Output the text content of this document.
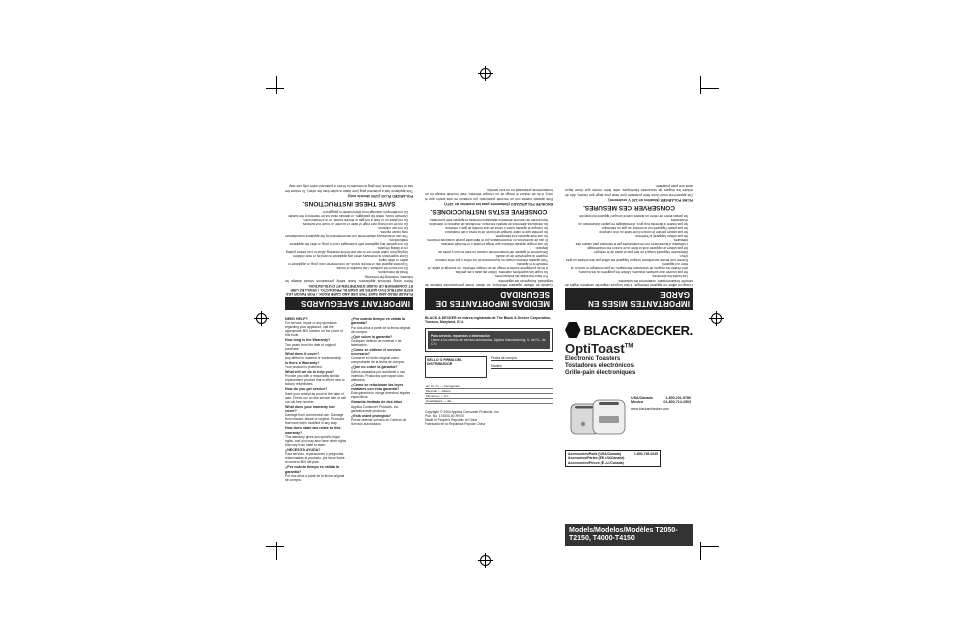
IMPORTANTES MISES EN GARDE
Lorsqu'on utilise un appareil électrique, il faut toujours respecter certaines règles de sécurité fondamentales, notamment les suivantes.
• Lire toutes les directives.
• Ne pas toucher aux surfaces chaudes. Utiliser les poignées ou les boutons.
• Afin d'éviter les risques de secousses électriques, ne pas immerger le cordon, la fiche ou l'appareil.
• Exercer une étroite surveillance lorsque l'appareil est utilisé par des enfants ou près d'eux.
• Débrancher l'appareil lorsqu'il ne sert pas et avant de le nettoyer.
• Ne pas utiliser un appareil dont la fiche ou le cordon est endommagé.
• L'utilisation d'accessoires non recommandés par le fabricant peut causer des blessures.
• Ne pas utiliser l'appareil à l'extérieur.
• Ne pas laisser pendre le cordon d'une table ou d'un comptoir.
• Ne pas placer l'appareil sur un brûleur au gaz ou électrique.
• Ne pas insérer d'aliments trop gros, d'emballages en papier d'aluminium ou d'ustensiles.
• Ne jamais tenter de retirer un aliment coincé lorsque l'appareil est branché.
CONSERVER CES MESURES.
FICHE POLARISÉE (Modèles de 120 V seulement)
Cet appareil est muni d'une fiche polarisée (une lame plus large que l'autre). Afin de réduire les risques de secousses électriques, cette fiche n'entre que d'une façon dans une prise polarisée.
MEDIDAS IMPORTANTES DE SEGURIDAD
Cuando se utilizan aparatos eléctricos, se deben tomar precauciones básicas de seguridad, incluyendo las siguientes.
• Por favor lea todas las instrucciones.
• No toque las superficies calientes. Utilice las asas o las perillas.
• A fin de protegerse contra el riesgo de un choque eléctrico, no sumerja el cable, el enchufe ni el aparato.
• Todo aparato eléctrico usado en la presencia de los niños o por ellos mismos requiere la supervisión de un adulto.
• Desconecte el aparato del tomacorriente cuando no esté en uso y antes de limpiarlo.
• No use ningún aparato eléctrico que tenga el cable o el enchufe averiado.
• El uso de accesorios no recomendados por el fabricante puede ocasionar lesiones.
• No use este aparato a la intemperie.
• No permita que el cable cuelgue del borde de la mesa o del mostrador.
• No coloque el aparato sobre o cerca de una hornilla de gas o eléctrica.
• No introduzca alimentos de tamaño excesivo, envolturas de aluminio ni utensilios.
• Nunca trate de remover alimentos atascados mientras el aparato esté conectado.
CONSERVE ESTAS INSTRUCCIONES.
ENCHUFE POLARIZADO (Solamente para los modelos de 120V)
Este aparato cuenta con un enchufe polarizado (un contacto es más ancho que el otro). A fin de reducir el riesgo de un choque eléctrico, este enchufe encaja en un tomacorriente polarizada en un solo sentido.
IMPORTANT SAFEGUARDS
PLEASE READ AND SAVE THIS USE AND CARE BOOK. / POR FAVOR LEA ESTE INSTRUCTIVO ANTES DE USAR EL PRODUCTO. / VEUILLEZ LIRE ET CONSERVER CE GUIDE D'ENTRETIEN ET D'UTILISATION.
When using electrical appliances, basic safety precautions should always be followed, including the following:
• Read all instructions.
• Do not touch hot surfaces. Use handles or knobs.
• To protect against risk of electric shock, do not immerse cord, plug, or appliance in water or other liquid.
• Close supervision is necessary when any appliance is used by or near children.
• Unplug from outlet when not in use and before cleaning. Allow to cool before putting on or taking off parts.
• Do not operate any appliance with a damaged cord or plug, or after the appliance malfunctions.
• The use of accessory attachments not recommended by the appliance manufacturer may cause injuries.
• Do not use outdoors.
• Do not let cord hang over edge of table or counter, or touch hot surfaces.
• Do not place on or near a hot gas or electric burner, or in a heated oven.
• Oversize foods, metal foil packages, or utensils must not be inserted in the toaster.
• Do not attempt to dislodge food when toaster is plugged in.
SAVE THESE INSTRUCTIONS.
POLARIZED PLUG (120V Models only)
This appliance has a polarized plug (one blade is wider than the other). To reduce the risk of electric shock, this plug is intended to fit into a polarized outlet only one way.
NEED HELP?
For service, repair or any questions regarding your appliance, call the appropriate 800 number on the cover of this book.
How long is the Warranty?
Two years from the date of original purchase.
What does it cover?
Any defect in material or workmanship.
Is there a Warranty?
Your product is protected.
What will we do to help you?
Provide you with a reasonably similar replacement product that is either new or factory refurbished.
How do you get service?
Save your receipt as proof of the date of sale. Check our on-line service site or call our toll-free number.
What does your warranty not cover?
Damage from commercial use. Damage from misuse, abuse or neglect. Products that have been modified in any way.
How does state law relate to this warranty?
This warranty gives you specific legal rights, and you may also have other rights that vary from state to state.
¿NECESITA AYUDA?
Para servicio, reparaciones o preguntas relacionadas al producto, por favor llame al número 800 del país.
¿Por cuánto tiempo es válida la garantía?
Por dos años a partir de la fecha original de compra.
¿Por cuánto tiempo es válida la garantía?
Por dos años a partir de la fecha original de compra.
¿Qué cubre la garantía?
Cualquier defecto de material o de fabricación.
¿Cómo se obtiene el servicio necesario?
Conserve el recibo original como comprobante de la fecha de compra.
¿Qué no cubre la garantía?
Daños causados por accidente o uso indebido. Productos que hayan sido alterados.
¿Cómo se relacionan las leyes estatales con esta garantía?
Esta garantía le otorga derechos legales específicos.
Garantía limitada de dos años
Applica Consumer Products, Inc. garantiza este producto.
¿Está usted protegido?
Puede obtener servicio en Centros de Servicio autorizados.
BLACK & DECKER es marca registrada de The Black & Decker Corporation, Towson, Maryland, E.U.
Para servicio, repuestos o información
Llame a los centros de servicio autorizados. Applica Manufacturing, S. de R.L. de C.V.
SELLO O FIRMA DEL DISTRIBUIDOR
Fecha de compra
Modelo
Av. Cr. Cr. — Insurgentes
Mexicali — Jalisco
Monterrey — N.L.
Guadalajara — Jal.
Copyright © 2004 Applica Consumer Products, Inc.
Pub. No. 174003-00-RV00
Made in People's Republic of China
Fabricado en la República Popular China
BLACK&DECKER.
OptiToast™
Electronic Toasters
Tostadores electrónicos
Grille-pain électroniques
USA/Canada	1-800-231-9786
Mexico	01-800-714-2503
www.blackanddecker.com
Accessories/Parts (USA/Canada)	1-800-738-0245
Accesorios/Partes (EE.UU/Canadá)
Accessoires/Pièces (É.-U./Canada)
Models/Modelos/Modèles T2050-T2150, T4000-T4150
